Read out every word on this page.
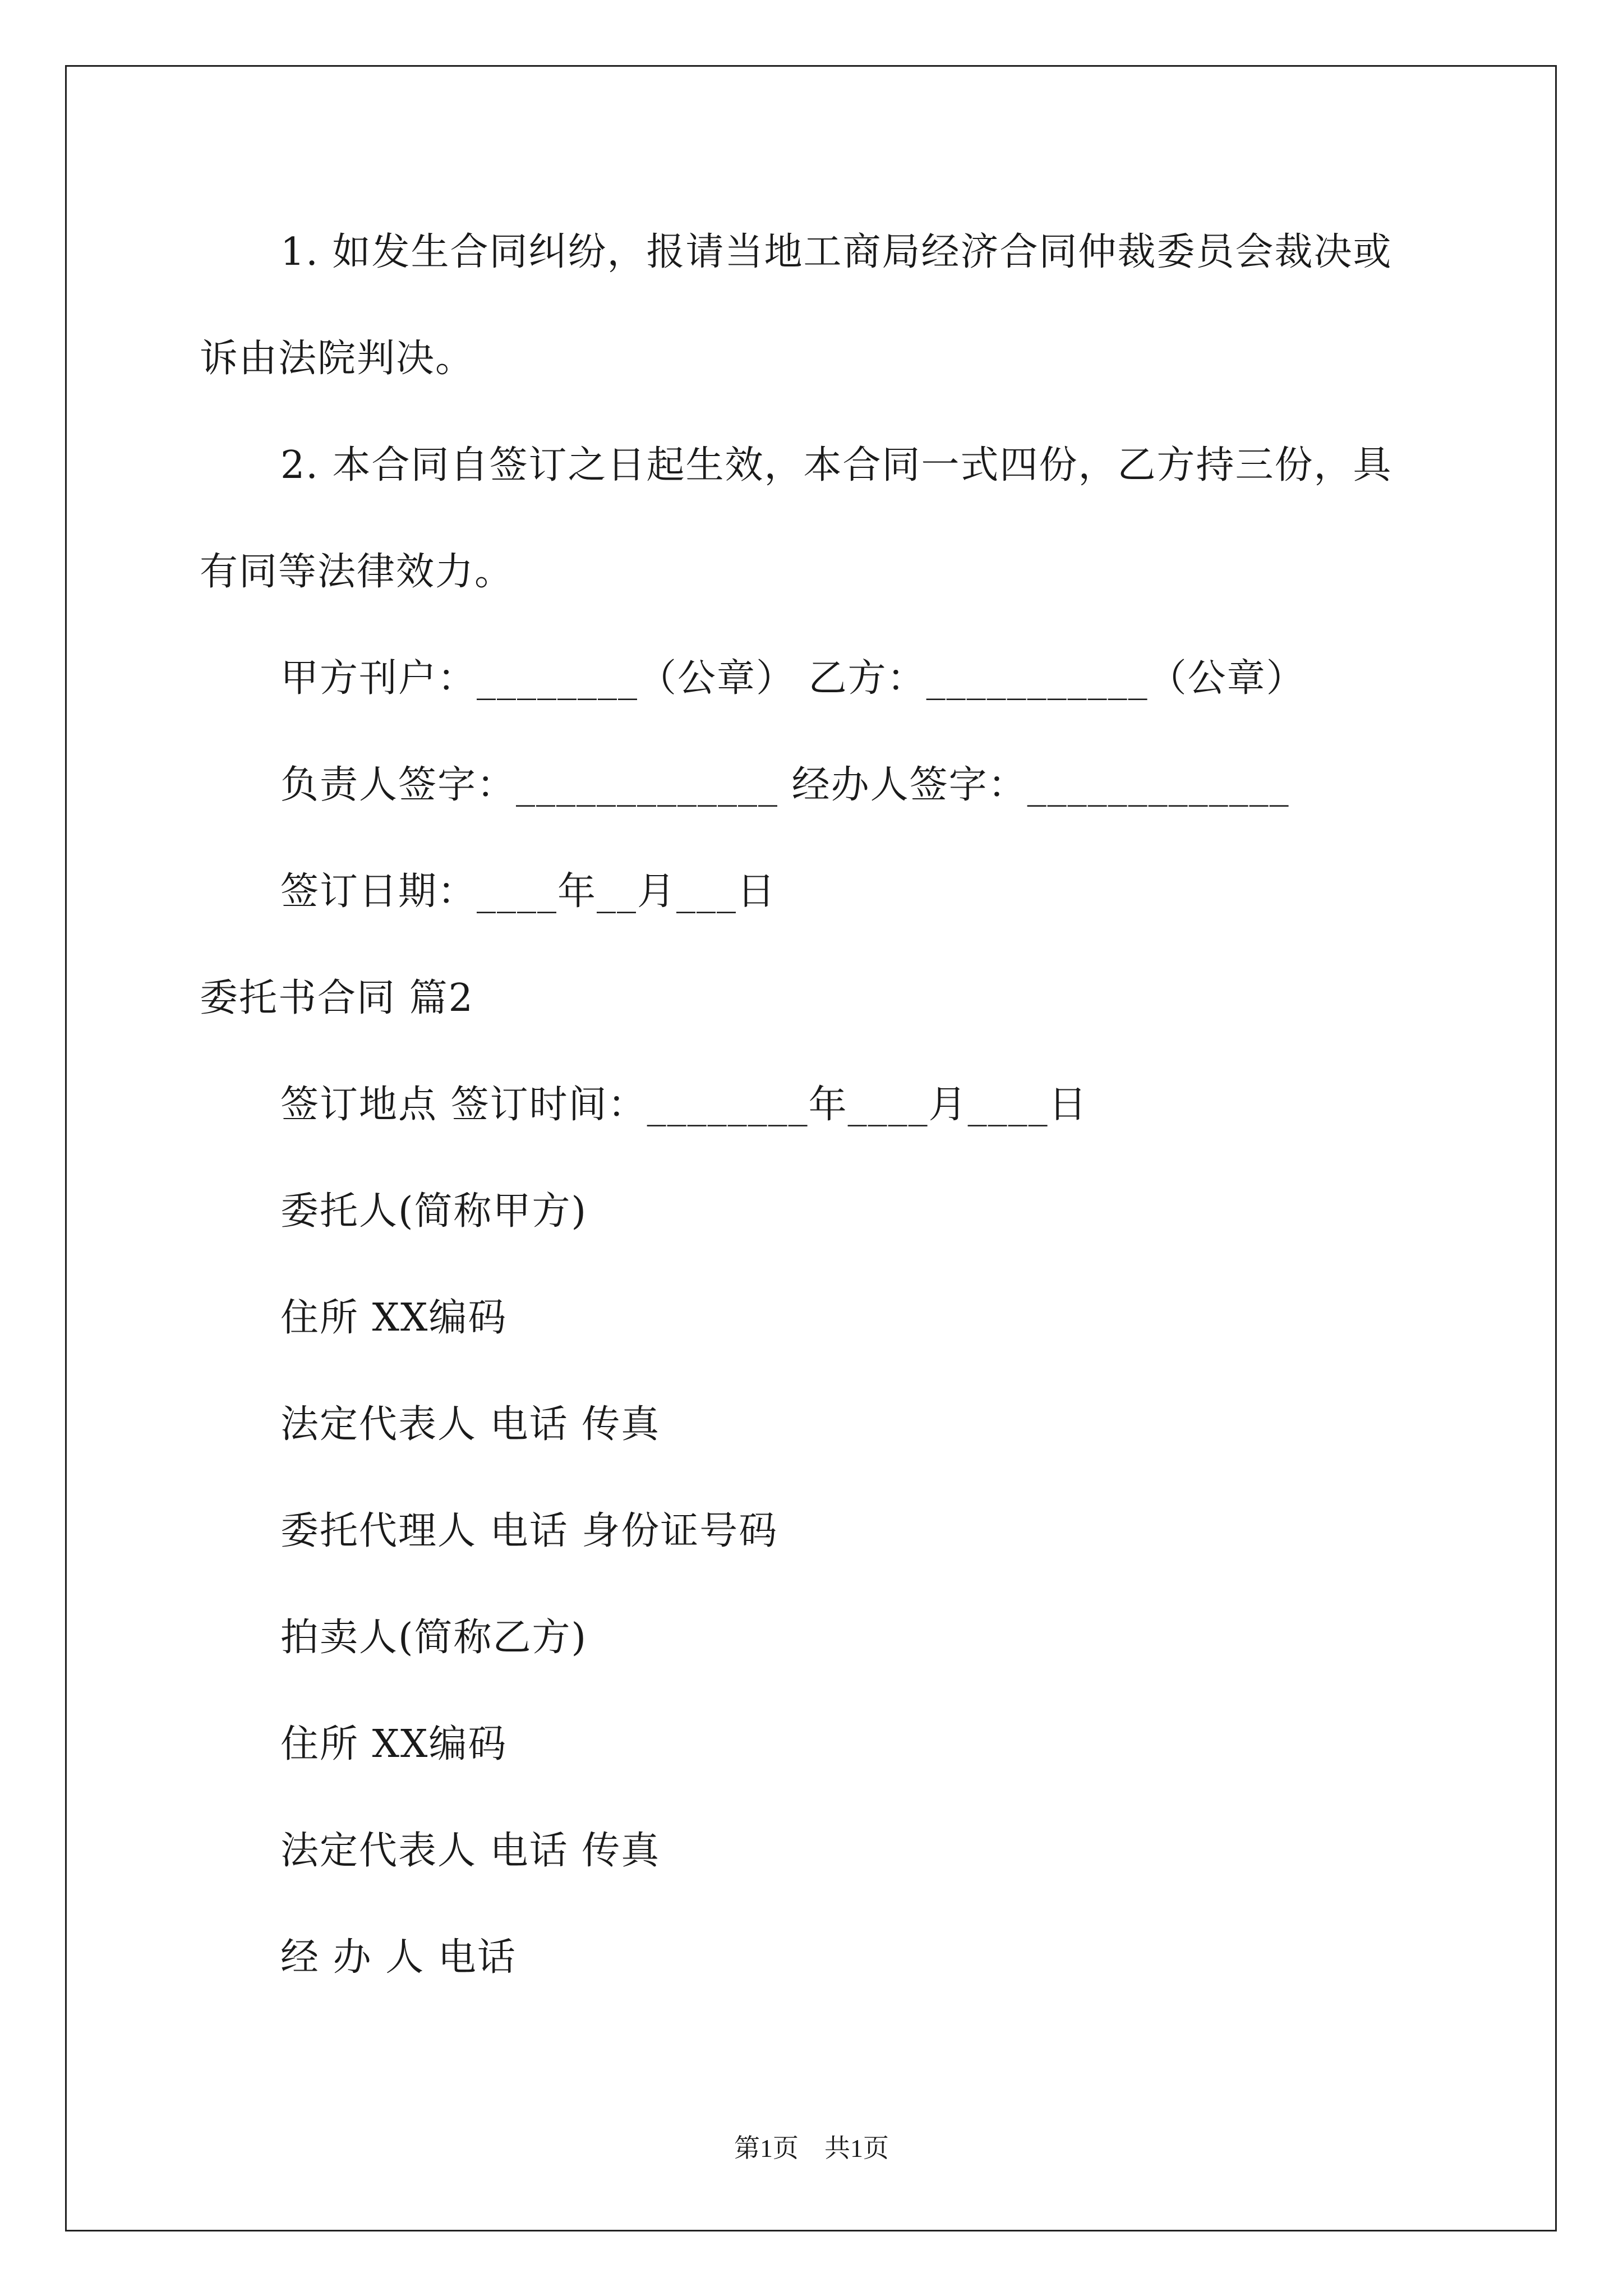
1. 如发生合同纠纷，报请当地工商局经济合同仲裁委员会裁决或
诉由法院判决。
2. 本合同自签订之日起生效，本合同一式四份，乙方持三份，具
有同等法律效力。
甲方刊户：________（公章） 乙方：___________（公章）
负责人签字：_____________ 经办人签字：_____________
签订日期：____年__月___日
委托书合同 篇2
签订地点 签订时间：________年____月____日
委托人(简称甲方)
住所 XX编码
法定代表人 电话 传真
委托代理人 电话 身份证号码
拍卖人(简称乙方)
住所 XX编码
法定代表人 电话 传真
经 办 人 电话
第1页　共1页
